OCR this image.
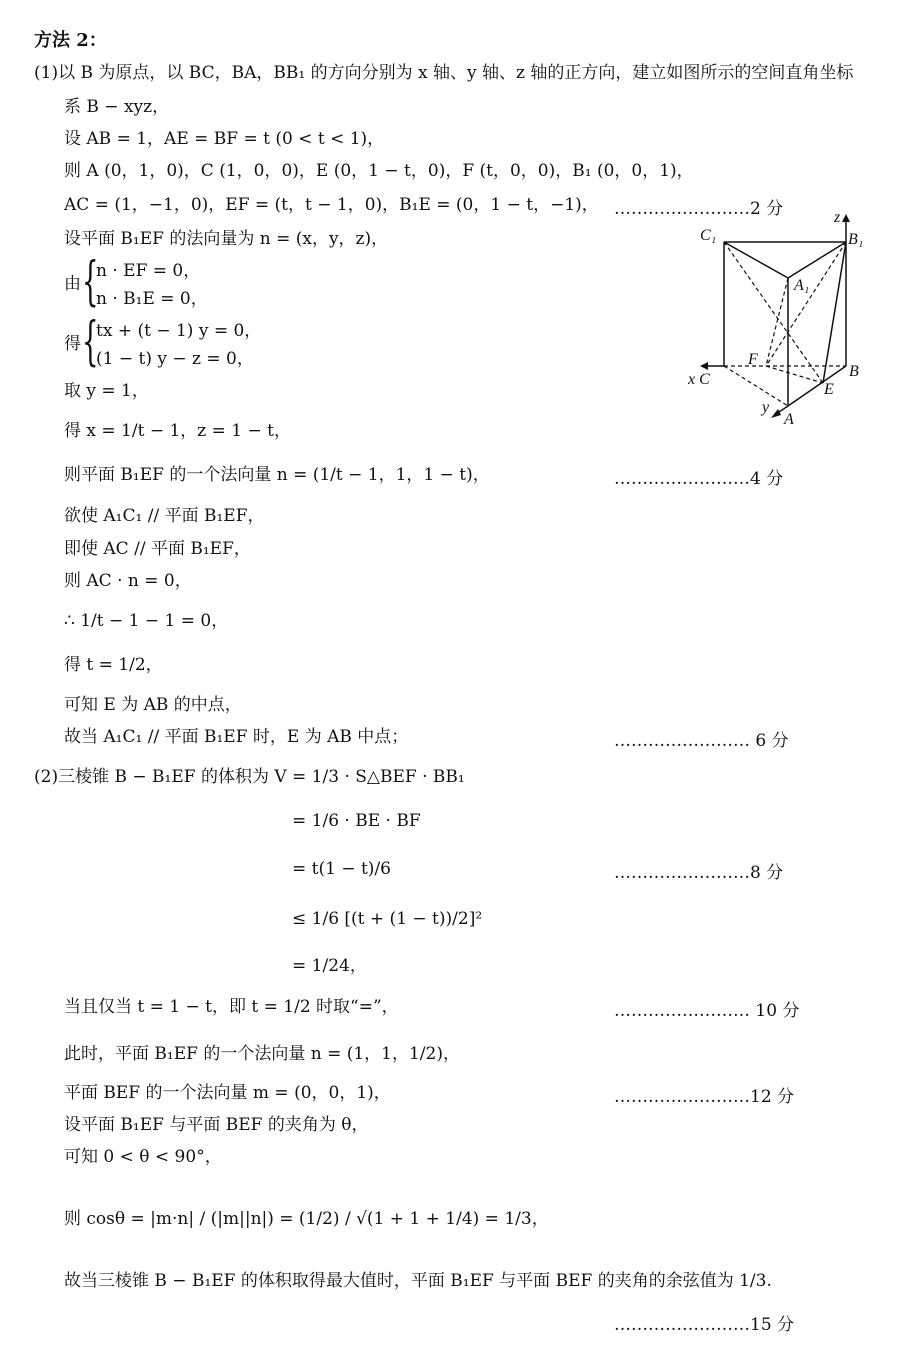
方法 2：
(1)以 B 为原点，以 BC，BA，BB₁ 的方向分别为 x 轴、y 轴、z 轴的正方向，建立如图所示的空间直角坐标
系 B − xyz，
设 AB = 1，AE = BF = t (0 < t < 1)，
则 A (0，1，0)，C (1，0，0)，E (0，1 − t，0)，F (t，0，0)，B₁ (0，0，1)，
AC = (1，−1，0)，EF = (t，t − 1，0)，B₁E = (0，1 − t，−1)， ……………………2 分
设平面 B₁EF 的法向量为 n = (x，y，z)，
由 {
n · EF = 0，
n · B₁E = 0，
得 {
tx + (t − 1) y = 0，
(1 − t) y − z = 0，
取 y = 1，
得 x = 1/t − 1，z = 1 − t，
则平面 B₁EF 的一个法向量 n = (1/t − 1，1，1 − t)，	……………………4 分
欲使 A₁C₁ // 平面 B₁EF，
即使 AC // 平面 B₁EF，
则 AC · n = 0，
∴ 1/t − 1 − 1 = 0，
得 t = 1/2，
可知 E 为 AB 的中点，
故当 A₁C₁ // 平面 B₁EF 时，E 为 AB 中点；	…………………… 6 分
(2)三棱锥 B − B₁EF 的体积为 V = 1/3 · S△BEF · BB₁
= 1/6 · BE · BF
= t(1 − t)/6	……………………8 分
≤ 1/6 [(t + (1 − t))/2]²
= 1/24，
当且仅当 t = 1 − t，即 t = 1/2 时取“=”，	…………………… 10 分
此时，平面 B₁EF 的一个法向量 n = (1，1，1/2)，
平面 BEF 的一个法向量 m = (0，0，1)，	……………………12 分
设平面 B₁EF 与平面 BEF 的夹角为 θ，
可知 0 < θ < 90°，
则 cosθ = |m·n| / (|m||n|) = (1/2) / √(1 + 1 + 1/4) = 1/3，
故当三棱锥 B − B₁EF 的体积取得最大值时，平面 B₁EF 与平面 BEF 的夹角的余弦值为 1/3.
……………………15 分
C₁	B₁
A₁
F
x C	B
E
y
A
z
